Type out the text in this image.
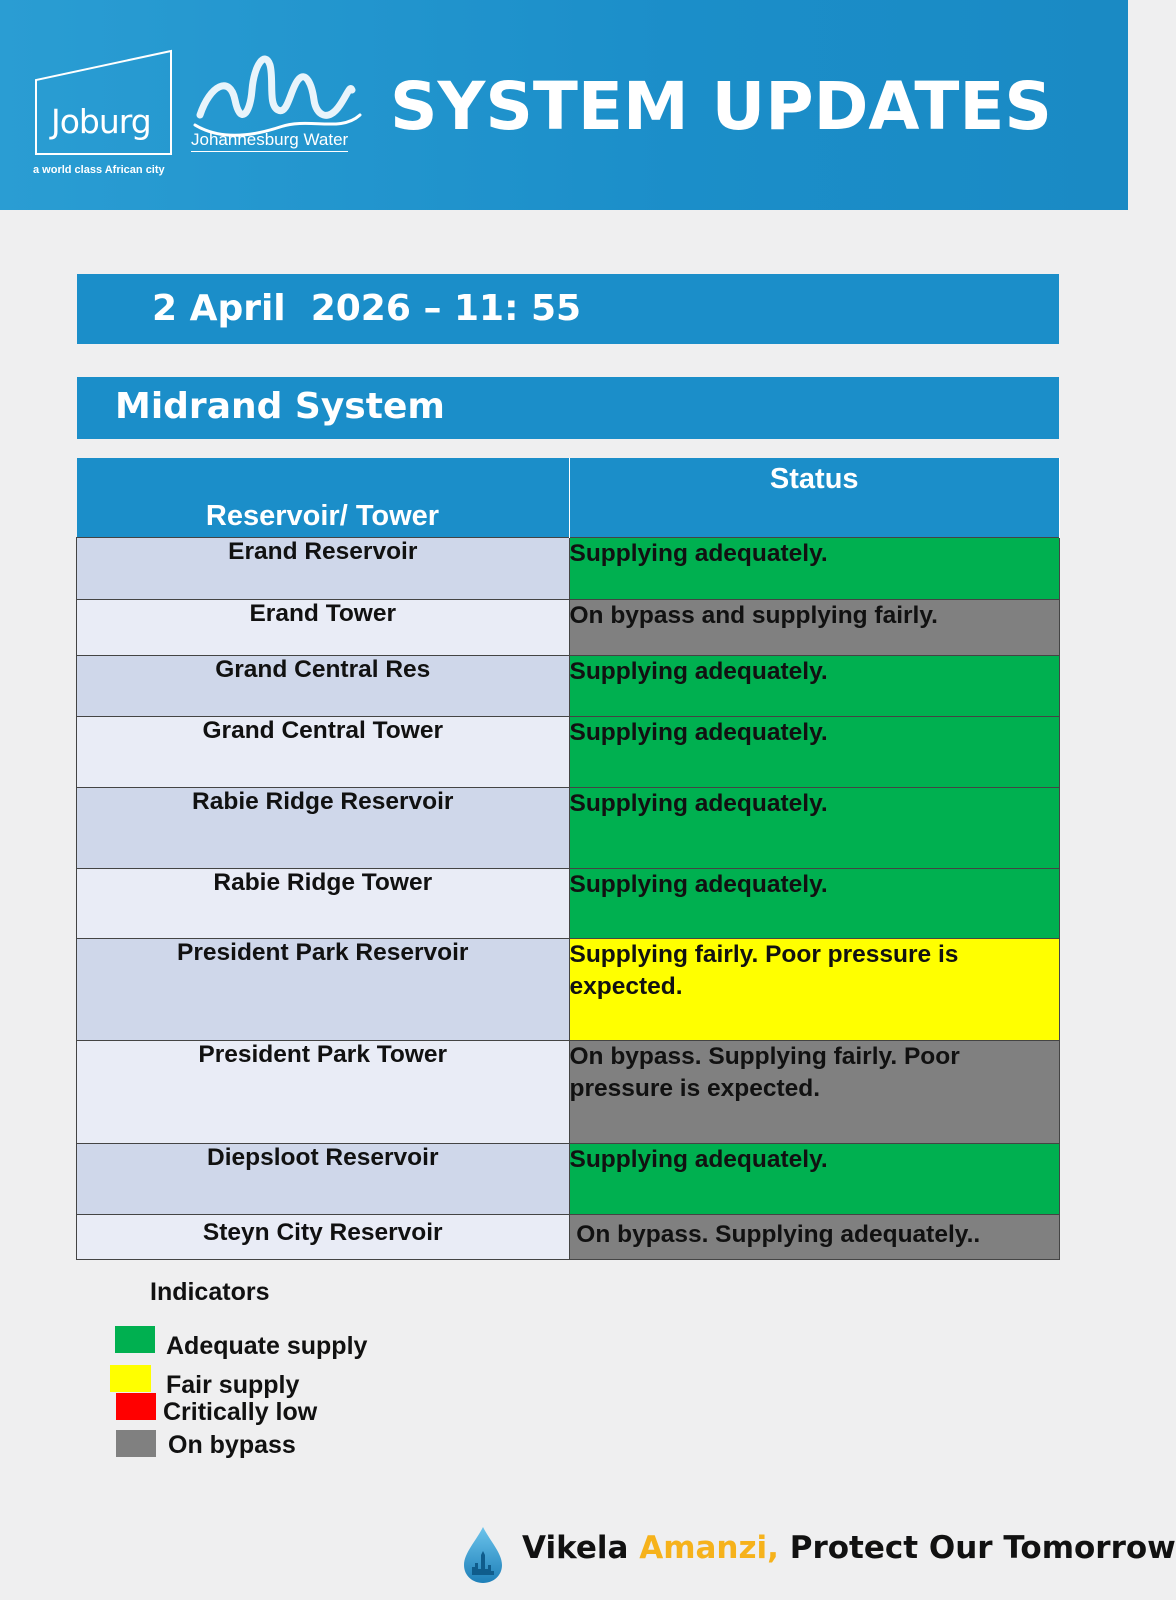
Joburg
a world class African city
Johannesburg Water SYSTEM UPDATES
2 April  2026 – 11: 55
Midrand System
Reservoir/ Tower	Status

Erand Reservoir	Supplying adequately.
Erand Tower	On bypass and supplying fairly.
Grand Central Res	Supplying adequately.
Grand Central Tower	Supplying adequately.
Rabie Ridge Reservoir	Supplying adequately.
Rabie Ridge Tower	Supplying adequately.
President Park Reservoir	Supplying fairly. Poor pressure is expected.
President Park Tower	On bypass. Supplying fairly. Poor pressure is expected.
Diepsloot Reservoir	Supplying adequately.
Steyn City Reservoir	On bypass. Supplying adequately..
Indicators
Adequate supply
Fair supply
Critically low
On bypass
Vikela Amanzi, Protect Our Tomorrow
